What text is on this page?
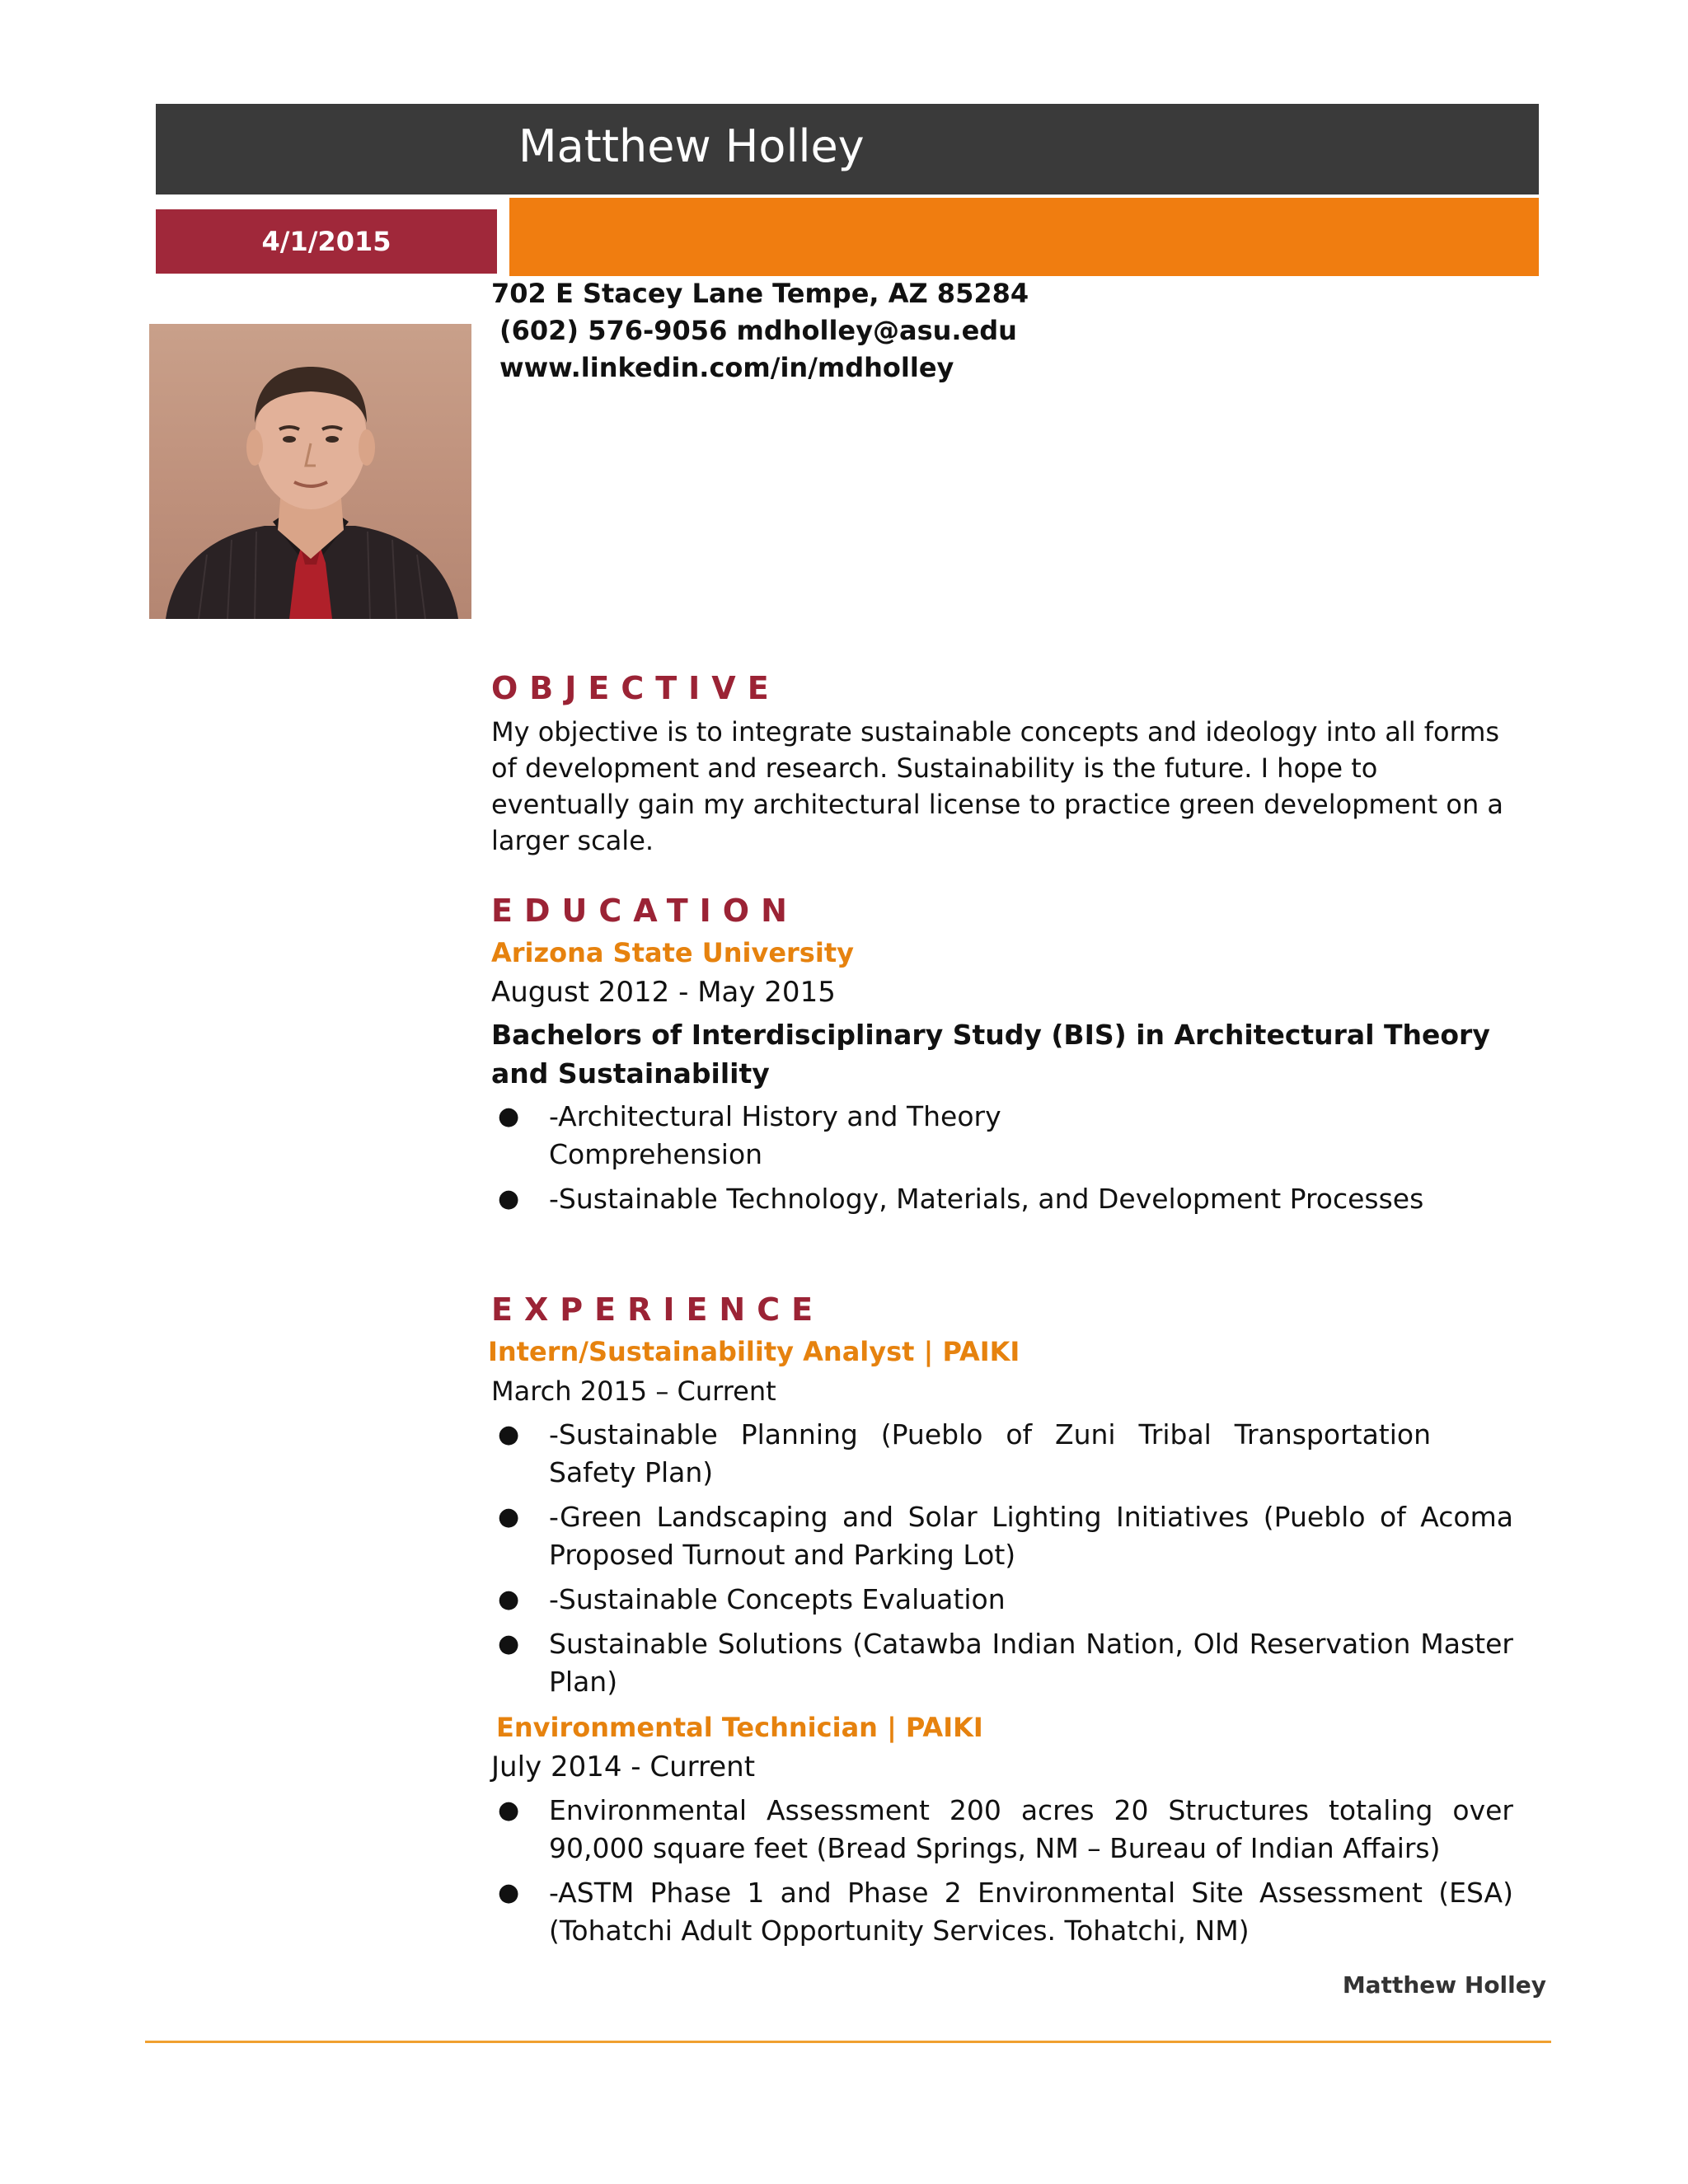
Matthew Holley
4/1/2015
702 E Stacey Lane Tempe, AZ 85284
(602) 576-9056 mdholley@asu.edu
www.linkedin.com/in/mdholley
OBJECTIVE
My objective is to integrate sustainable concepts and ideology into all forms of development and research. Sustainability is the future. I hope to eventually gain my architectural license to practice green development on a larger scale.
EDUCATION
Arizona State University
August 2012 - May 2015
Bachelors of Interdisciplinary Study (BIS) in Architectural Theory and Sustainability
● -Architectural History and Theory Comprehension
● -Sustainable Technology, Materials, and Development Processes
EXPERIENCE
Intern/Sustainability Analyst | PAIKI
March 2015 – Current
● -Sustainable Planning (Pueblo of Zuni Tribal Transportation Safety Plan)
● -Green Landscaping and Solar Lighting Initiatives (Pueblo of Acoma Proposed Turnout and Parking Lot)
● -Sustainable Concepts Evaluation
● Sustainable Solutions (Catawba Indian Nation, Old Reservation Master Plan)
Environmental Technician | PAIKI
July 2014 - Current
● Environmental Assessment 200 acres 20 Structures totaling over 90,000 square feet (Bread Springs, NM – Bureau of Indian Affairs)
● -ASTM Phase 1 and Phase 2 Environmental Site Assessment (ESA) (Tohatchi Adult Opportunity Services. Tohatchi, NM)
Matthew Holley
